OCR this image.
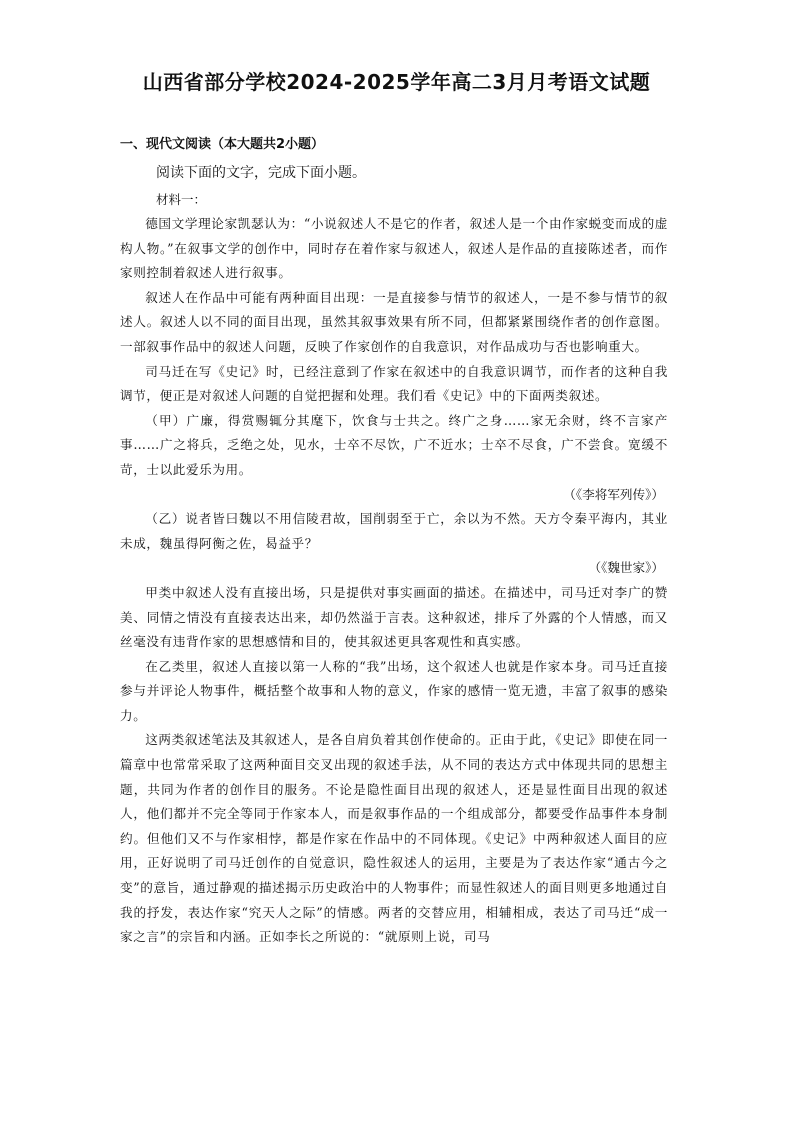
山西省部分学校2024-2025学年高二3月月考语文试题
一、现代文阅读（本大题共2小题）
阅读下面的文字，完成下面小题。
材料一：

德国文学理论家凯瑟认为：“小说叙述人不是它的作者，叙述人是一个由作家蜕变而成的虚构人物。”在叙事文学的创作中，同时存在着作家与叙述人，叙述人是作品的直接陈述者，而作家则控制着叙述人进行叙事。

叙述人在作品中可能有两种面目出现：一是直接参与情节的叙述人，一是不参与情节的叙述人。叙述人以不同的面目出现，虽然其叙事效果有所不同，但都紧紧围绕作者的创作意图。一部叙事作品中的叙述人问题，反映了作家创作的自我意识，对作品成功与否也影响重大。

司马迁在写《史记》时，已经注意到了作家在叙述中的自我意识调节，而作者的这种自我调节，便正是对叙述人问题的自觉把握和处理。我们看《史记》中的下面两类叙述。

（甲）广廉，得赏赐辄分其麾下，饮食与士共之。终广之身……家无余财，终不言家产事……广之将兵，乏绝之处，见水，士卒不尽饮，广不近水；士卒不尽食，广不尝食。宽缓不苛，士以此爱乐为用。

（《李将军列传》）

（乙）说者皆曰魏以不用信陵君故，国削弱至于亡，余以为不然。天方令秦平海内，其业未成，魏虽得阿衡之佐，曷益乎？

（《魏世家》）

甲类中叙述人没有直接出场，只是提供对事实画面的描述。在描述中，司马迁对李广的赞美、同情之情没有直接表达出来，却仍然溢于言表。这种叙述，排斥了外露的个人情感，而又丝毫没有违背作家的思想感情和目的，使其叙述更具客观性和真实感。

在乙类里，叙述人直接以第一人称的“我”出场，这个叙述人也就是作家本身。司马迁直接参与并评论人物事件，概括整个故事和人物的意义，作家的感情一览无遗，丰富了叙事的感染力。

这两类叙述笔法及其叙述人，是各自肩负着其创作使命的。正由于此，《史记》即使在同一篇章中也常常采取了这两种面目交叉出现的叙述手法，从不同的表达方式中体现共同的思想主题，共同为作者的创作目的服务。不论是隐性面目出现的叙述人，还是显性面目出现的叙述人，他们都并不完全等同于作家本人，而是叙事作品的一个组成部分，都要受作品事件本身制约。但他们又不与作家相悖，都是作家在作品中的不同体现。《史记》中两种叙述人面目的应用，正好说明了司马迁创作的自觉意识，隐性叙述人的运用，主要是为了表达作家“通古今之变”的意旨，通过静观的描述揭示历史政治中的人物事件；而显性叙述人的面目则更多地通过自我的抒发，表达作家“究天人之际”的情感。两者的交替应用，相辅相成，表达了司马迁“成一家之言”的宗旨和内涵。正如李长之所说的：“就原则上说，司马
